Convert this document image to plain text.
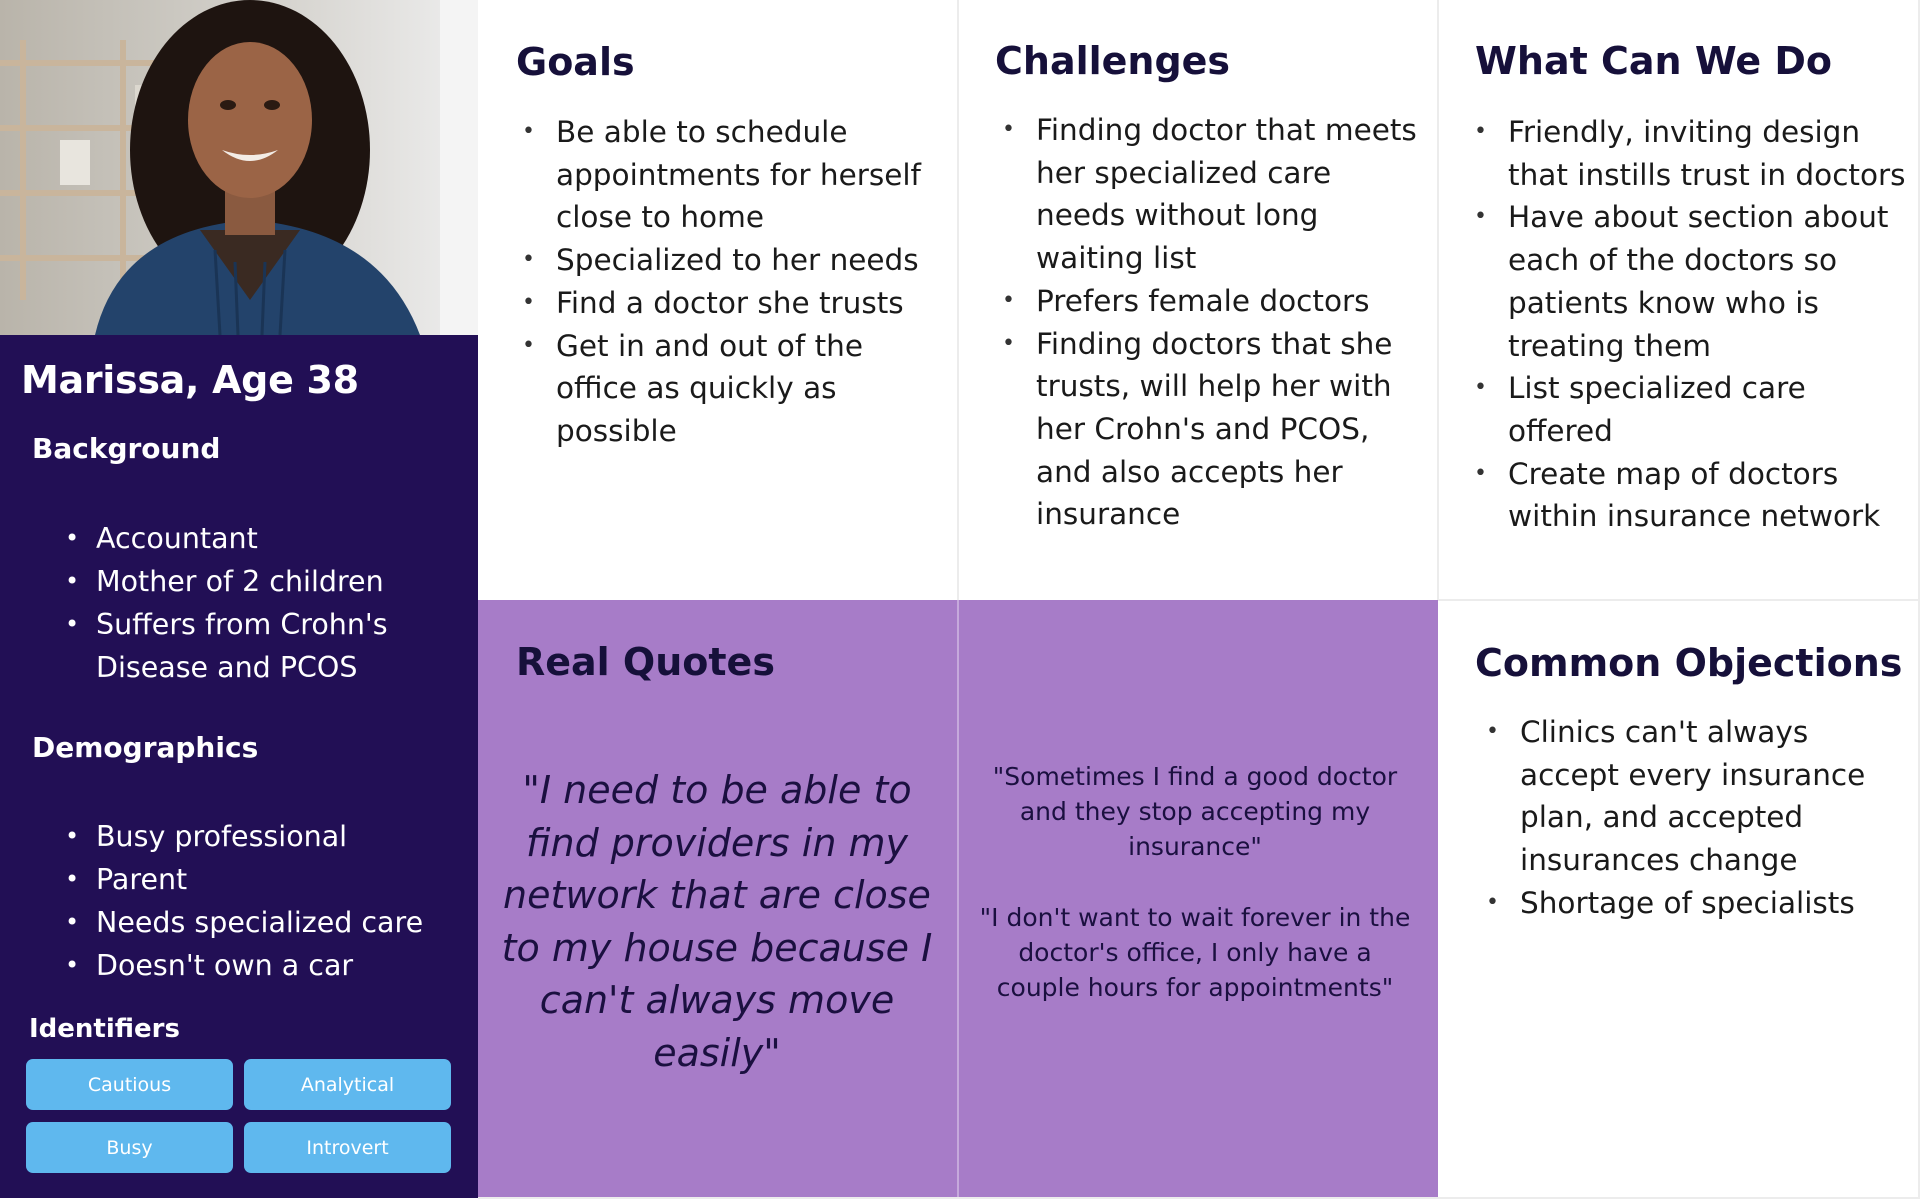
Marissa, Age 38
Background
• Accountant
• Mother of 2 children
• Suffers from Crohn's Disease and PCOS
Demographics
• Busy professional
• Parent
• Needs specialized care
• Doesn't own a car
Identifiers
Cautious	Analytical
Busy	Introvert
Goals
• Be able to schedule appointments for herself close to home
• Specialized to her needs
• Find a doctor she trusts
• Get in and out of the office as quickly as possible
Challenges
• Finding doctor that meets her specialized care needs without long waiting list
• Prefers female doctors
• Finding doctors that she trusts, will help her with her Crohn's and PCOS, and also accepts her insurance
What Can We Do
• Friendly, inviting design that instills trust in doctors
• Have about section about each of the doctors so patients know who is treating them
• List specialized care offered
• Create map of doctors within insurance network
Real Quotes

"I need to be able to find providers in my network that are close to my house because I can't always move easily"

"Sometimes I find a good doctor and they stop accepting my insurance"

"I don't want to wait forever in the doctor's office, I only have a couple hours for appointments"

Common Objections
• Clinics can't always accept every insurance plan, and accepted insurances change
• Shortage of specialists
